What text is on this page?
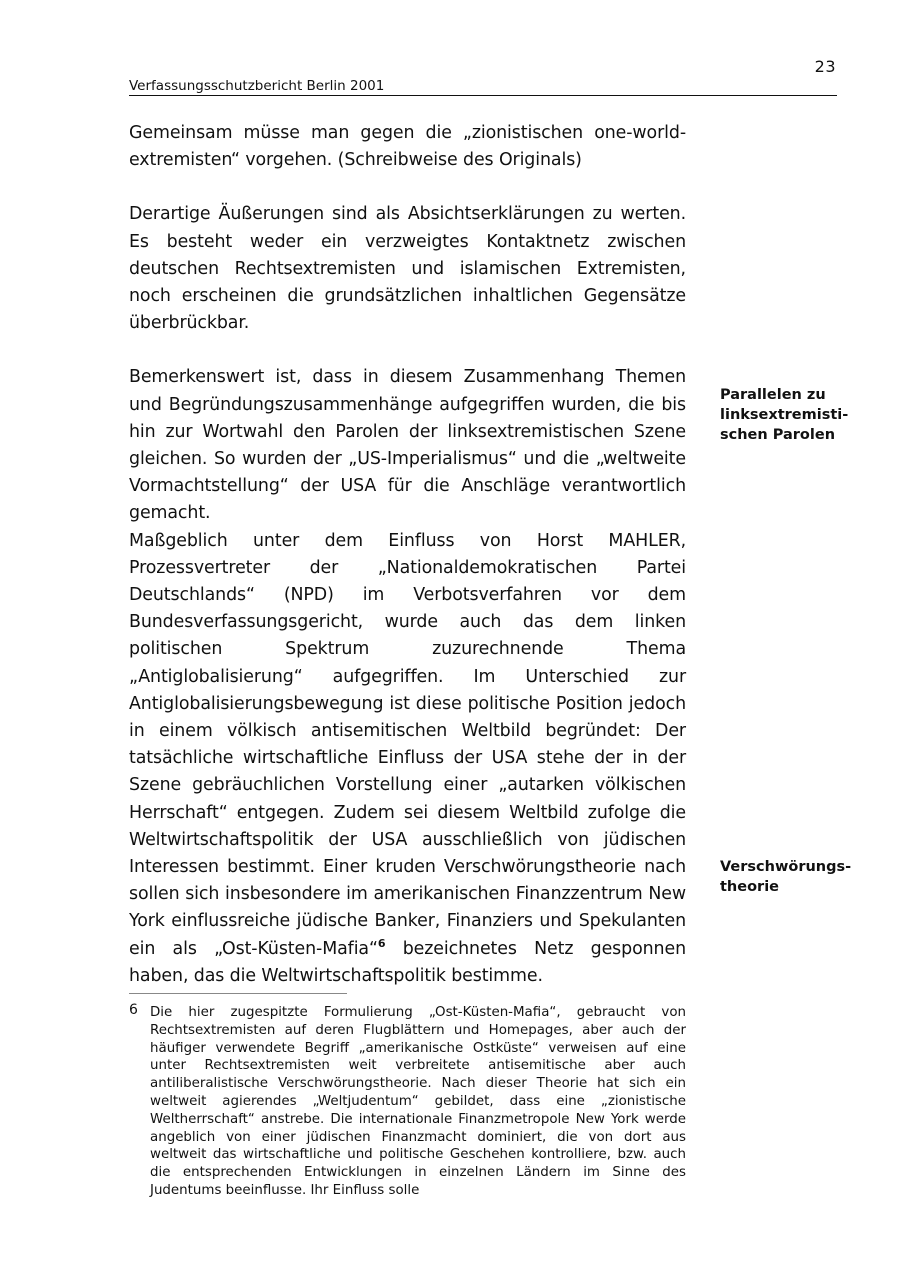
23
Verfassungsschutzbericht Berlin 2001

Gemeinsam müsse man gegen die „zionistischen one-world-extremisten“ vorgehen. (Schreibweise des Originals)

Derartige Äußerungen sind als Absichtserklärungen zu werten. Es besteht weder ein verzweigtes Kontaktnetz zwischen deutschen Rechtsextremisten und islamischen Extremisten, noch erscheinen die grundsätzlichen inhaltlichen Gegensätze überbrückbar.

Bemerkenswert ist, dass in diesem Zusammenhang Themen und Begründungszusammenhänge aufgegriffen wurden, die bis hin zur Wortwahl den Parolen der linksextremistischen Szene gleichen. So wurden der „US-Imperialismus“ und die „weltweite Vormachtstellung“ der USA für die Anschläge verantwortlich gemacht.

Maßgeblich unter dem Einfluss von Horst MAHLER, Prozessvertreter der „Nationaldemokratischen Partei Deutschlands“ (NPD) im Verbotsverfahren vor dem Bundesverfassungsgericht, wurde auch das dem linken politischen Spektrum zuzurechnende Thema „Antiglobalisierung“ aufgegriffen. Im Unterschied zur Antiglobalisierungsbewegung ist diese politische Position jedoch in einem völkisch antisemitischen Weltbild begründet: Der tatsächliche wirtschaftliche Einfluss der USA stehe der in der Szene gebräuchlichen Vorstellung einer „autarken völkischen Herrschaft“ entgegen. Zudem sei diesem Weltbild zufolge die Weltwirtschaftspolitik der USA ausschließlich von jüdischen Interessen bestimmt. Einer kruden Verschwörungstheorie nach sollen sich insbesondere im amerikanischen Finanzzentrum New York einflussreiche jüdische Banker, Finanziers und Spekulanten ein als „Ost-Küsten-Mafia“$^6$ bezeichnetes Netz gesponnen haben, das die Weltwirtschaftspolitik bestimme.

Parallelen zu
linksextremisti-
schen Parolen
Verschwörungs-
theorie
6 Die hier zugespitzte Formulierung „Ost-Küsten-Mafia“, gebraucht von Rechtsextremisten auf deren Flugblättern und Homepages, aber auch der häufiger verwendete Begriff „amerikanische Ostküste“ verweisen auf eine unter Rechtsextremisten weit verbreitete antisemitische aber auch antiliberalistische Verschwörungstheorie. Nach dieser Theorie hat sich ein weltweit agierendes „Weltjudentum“ gebildet, dass eine „zionistische Weltherrschaft“ anstrebe. Die internationale Finanzmetropole New York werde angeblich von einer jüdischen Finanzmacht dominiert, die von dort aus weltweit das wirtschaftliche und politische Geschehen kontrolliere, bzw. auch die entsprechenden Entwicklungen in einzelnen Ländern im Sinne des Judentums beeinflusse. Ihr Einfluss solle
